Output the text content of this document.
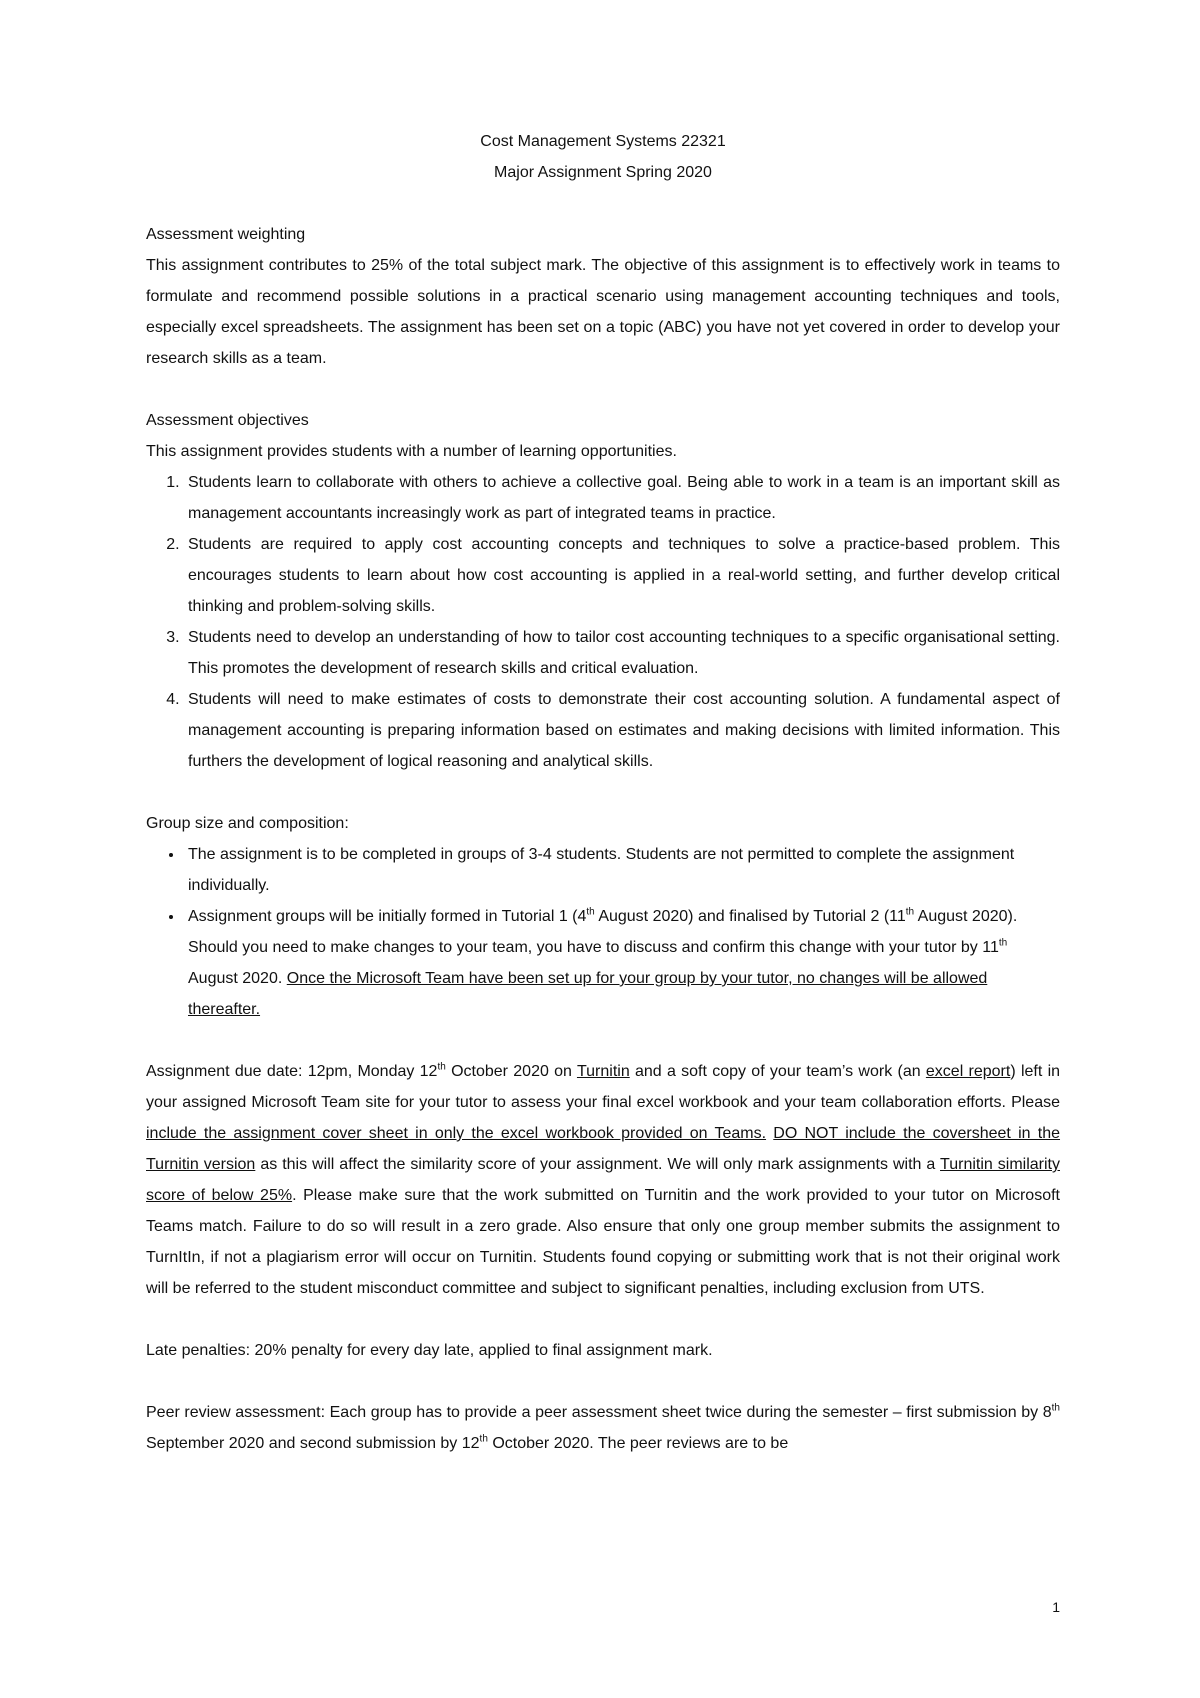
Cost Management Systems 22321

Major Assignment Spring 2020

Assessment weighting

This assignment contributes to 25% of the total subject mark. The objective of this assignment is to effectively work in teams to formulate and recommend possible solutions in a practical scenario using management accounting techniques and tools, especially excel spreadsheets. The assignment has been set on a topic (ABC) you have not yet covered in order to develop your research skills as a team.

Assessment objectives

This assignment provides students with a number of learning opportunities.

1. Students learn to collaborate with others to achieve a collective goal. Being able to work in a team is an important skill as management accountants increasingly work as part of integrated teams in practice.
2. Students are required to apply cost accounting concepts and techniques to solve a practice-based problem. This encourages students to learn about how cost accounting is applied in a real-world setting, and further develop critical thinking and problem-solving skills.
3. Students need to develop an understanding of how to tailor cost accounting techniques to a specific organisational setting. This promotes the development of research skills and critical evaluation.
4. Students will need to make estimates of costs to demonstrate their cost accounting solution. A fundamental aspect of management accounting is preparing information based on estimates and making decisions with limited information. This furthers the development of logical reasoning and analytical skills.

Group size and composition:

• The assignment is to be completed in groups of 3-4 students. Students are not permitted to complete the assignment individually.
• Assignment groups will be initially formed in Tutorial 1 (4th August 2020) and finalised by Tutorial 2 (11th August 2020). Should you need to make changes to your team, you have to discuss and confirm this change with your tutor by 11th August 2020. Once the Microsoft Team have been set up for your group by your tutor, no changes will be allowed thereafter.

Assignment due date: 12pm, Monday 12th October 2020 on Turnitin and a soft copy of your team’s work (an excel report) left in your assigned Microsoft Team site for your tutor to assess your final excel workbook and your team collaboration efforts. Please include the assignment cover sheet in only the excel workbook provided on Teams. DO NOT include the coversheet in the Turnitin version as this will affect the similarity score of your assignment. We will only mark assignments with a Turnitin similarity score of below 25%. Please make sure that the work submitted on Turnitin and the work provided to your tutor on Microsoft Teams match. Failure to do so will result in a zero grade. Also ensure that only one group member submits the assignment to TurnItIn, if not a plagiarism error will occur on Turnitin. Students found copying or submitting work that is not their original work will be referred to the student misconduct committee and subject to significant penalties, including exclusion from UTS.

Late penalties: 20% penalty for every day late, applied to final assignment mark.

Peer review assessment: Each group has to provide a peer assessment sheet twice during the semester – first submission by 8th September 2020 and second submission by 12th October 2020. The peer reviews are to be

1
